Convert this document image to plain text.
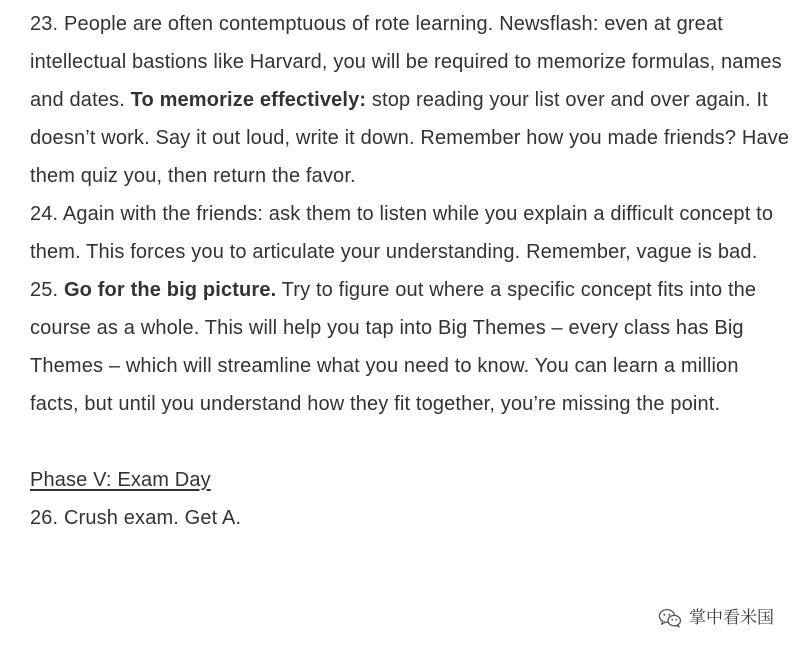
23. People are often contemptuous of rote learning. Newsflash: even at great intellectual bastions like Harvard, you will be required to memorize formulas, names and dates. To memorize effectively: stop reading your list over and over again. It doesn’t work. Say it out loud, write it down. Remember how you made friends? Have them quiz you, then return the favor.

24. Again with the friends: ask them to listen while you explain a difficult concept to them. This forces you to articulate your understanding. Remember, vague is bad.

25. Go for the big picture. Try to figure out where a specific concept fits into the course as a whole. This will help you tap into Big Themes – every class has Big Themes – which will streamline what you need to know. You can learn a million facts, but until you understand how they fit together, you’re missing the point.

Phase V: Exam Day

26. Crush exam. Get A.

掌中看米国
